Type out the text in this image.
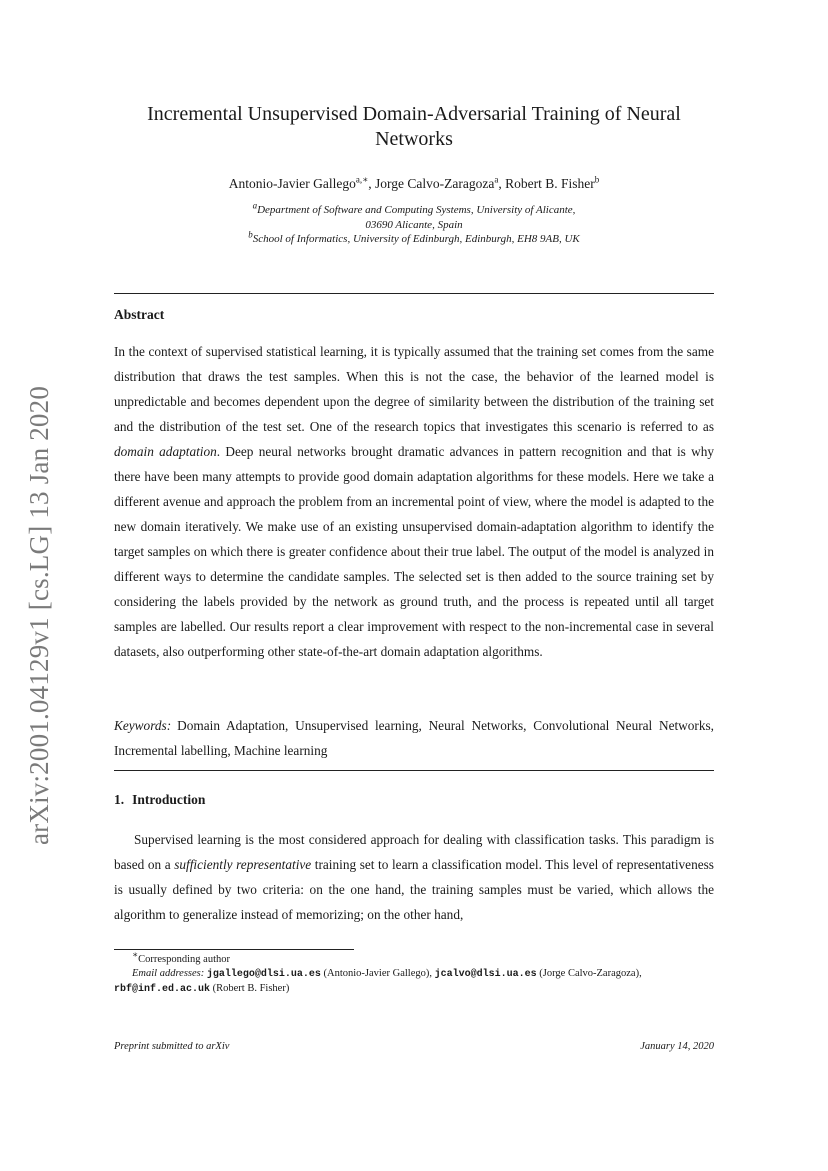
arXiv:2001.04129v1 [cs.LG] 13 Jan 2020
Incremental Unsupervised Domain-Adversarial Training of Neural Networks
Antonio-Javier Gallego$^{a,∗}$, Jorge Calvo-Zaragoza$^a$, Robert B. Fisher$^b$
$^a$Department of Software and Computing Systems, University of Alicante,
03690 Alicante, Spain
$^b$School of Informatics, University of Edinburgh, Edinburgh, EH8 9AB, UK
Abstract
In the context of supervised statistical learning, it is typically assumed that the training set comes from the same distribution that draws the test samples. When this is not the case, the behavior of the learned model is unpredictable and becomes dependent upon the degree of similarity between the distribution of the training set and the distribution of the test set. One of the research topics that investigates this scenario is referred to as domain adaptation. Deep neural networks brought dramatic advances in pattern recognition and that is why there have been many attempts to provide good domain adaptation algorithms for these models. Here we take a different avenue and approach the problem from an incremental point of view, where the model is adapted to the new domain iteratively. We make use of an existing unsupervised domain-adaptation algorithm to identify the target samples on which there is greater confidence about their true label. The output of the model is analyzed in different ways to determine the candidate samples. The selected set is then added to the source training set by considering the labels provided by the network as ground truth, and the process is repeated until all target samples are labelled. Our results report a clear improvement with respect to the non-incremental case in several datasets, also outperforming other state-of-the-art domain adaptation algorithms.
Keywords: Domain Adaptation, Unsupervised learning, Neural Networks, Convolutional Neural Networks, Incremental labelling, Machine learning
1. Introduction
Supervised learning is the most considered approach for dealing with classification tasks. This paradigm is based on a sufficiently representative training set to learn a classification model. This level of representativeness is usually defined by two criteria: on the one hand, the training samples must be varied, which allows the algorithm to generalize instead of memorizing; on the other hand,
∗Corresponding author
Email addresses: jgallego@dlsi.ua.es (Antonio-Javier Gallego), jcalvo@dlsi.ua.es (Jorge Calvo-Zaragoza), rbf@inf.ed.ac.uk (Robert B. Fisher)
Preprint submitted to arXiv	January 14, 2020
